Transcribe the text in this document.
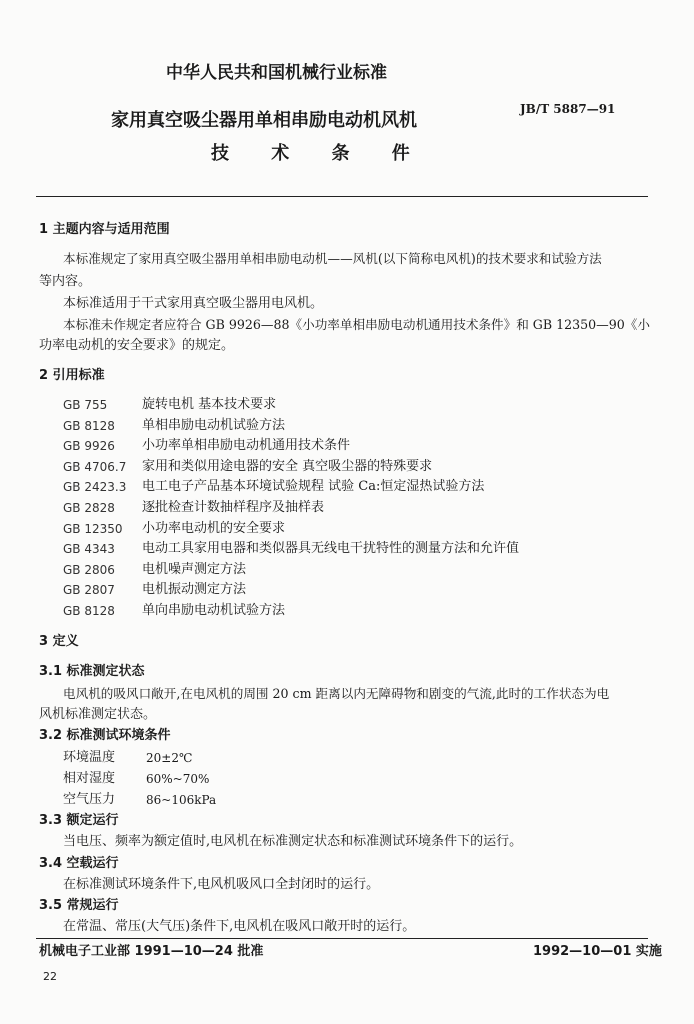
中华人民共和国机械行业标准
家用真空吸尘器用单相串励电动机风机
技 术 条 件
JB/T 5887—91
1 主题内容与适用范围
本标准规定了家用真空吸尘器用单相串励电动机——风机(以下简称电风机)的技术要求和试验方法
等内容。
本标准适用于干式家用真空吸尘器用电风机。
本标准未作规定者应符合 GB 9926—88《小功率单相串励电动机通用技术条件》和 GB 12350—90《小
功率电动机的安全要求》的规定。
2 引用标准
GB 755	旋转电机 基本技术要求
GB 8128 单相串励电动机试验方法
GB 9926 小功率单相串励电动机通用技术条件
GB 4706.7 家用和类似用途电器的安全 真空吸尘器的特殊要求
GB 2423.3 电工电子产品基本环境试验规程 试验 Ca:恒定湿热试验方法
GB 2828 逐批检查计数抽样程序及抽样表
GB 12350 小功率电动机的安全要求
GB 4343 电动工具家用电器和类似器具无线电干扰特性的测量方法和允许值
GB 2806 电机噪声测定方法
GB 2807 电机振动测定方法
GB 8128 单向串励电动机试验方法
3 定义
3.1 标准测定状态
电风机的吸风口敞开,在电风机的周围 20 cm 距离以内无障碍物和剧变的气流,此时的工作状态为电
风机标准测定状态。
3.2 标准测试环境条件
环境温度	20±2℃
相对湿度	60%~70%
空气压力	86~106kPa
3.3 额定运行
当电压、频率为额定值时,电风机在标准测定状态和标准测试环境条件下的运行。
3.4 空载运行
在标准测试环境条件下,电风机吸风口全封闭时的运行。
3.5 常规运行
在常温、常压(大气压)条件下,电风机在吸风口敞开时的运行。
机械电子工业部 1991—10—24 批准	1992—10—01 实施
22
